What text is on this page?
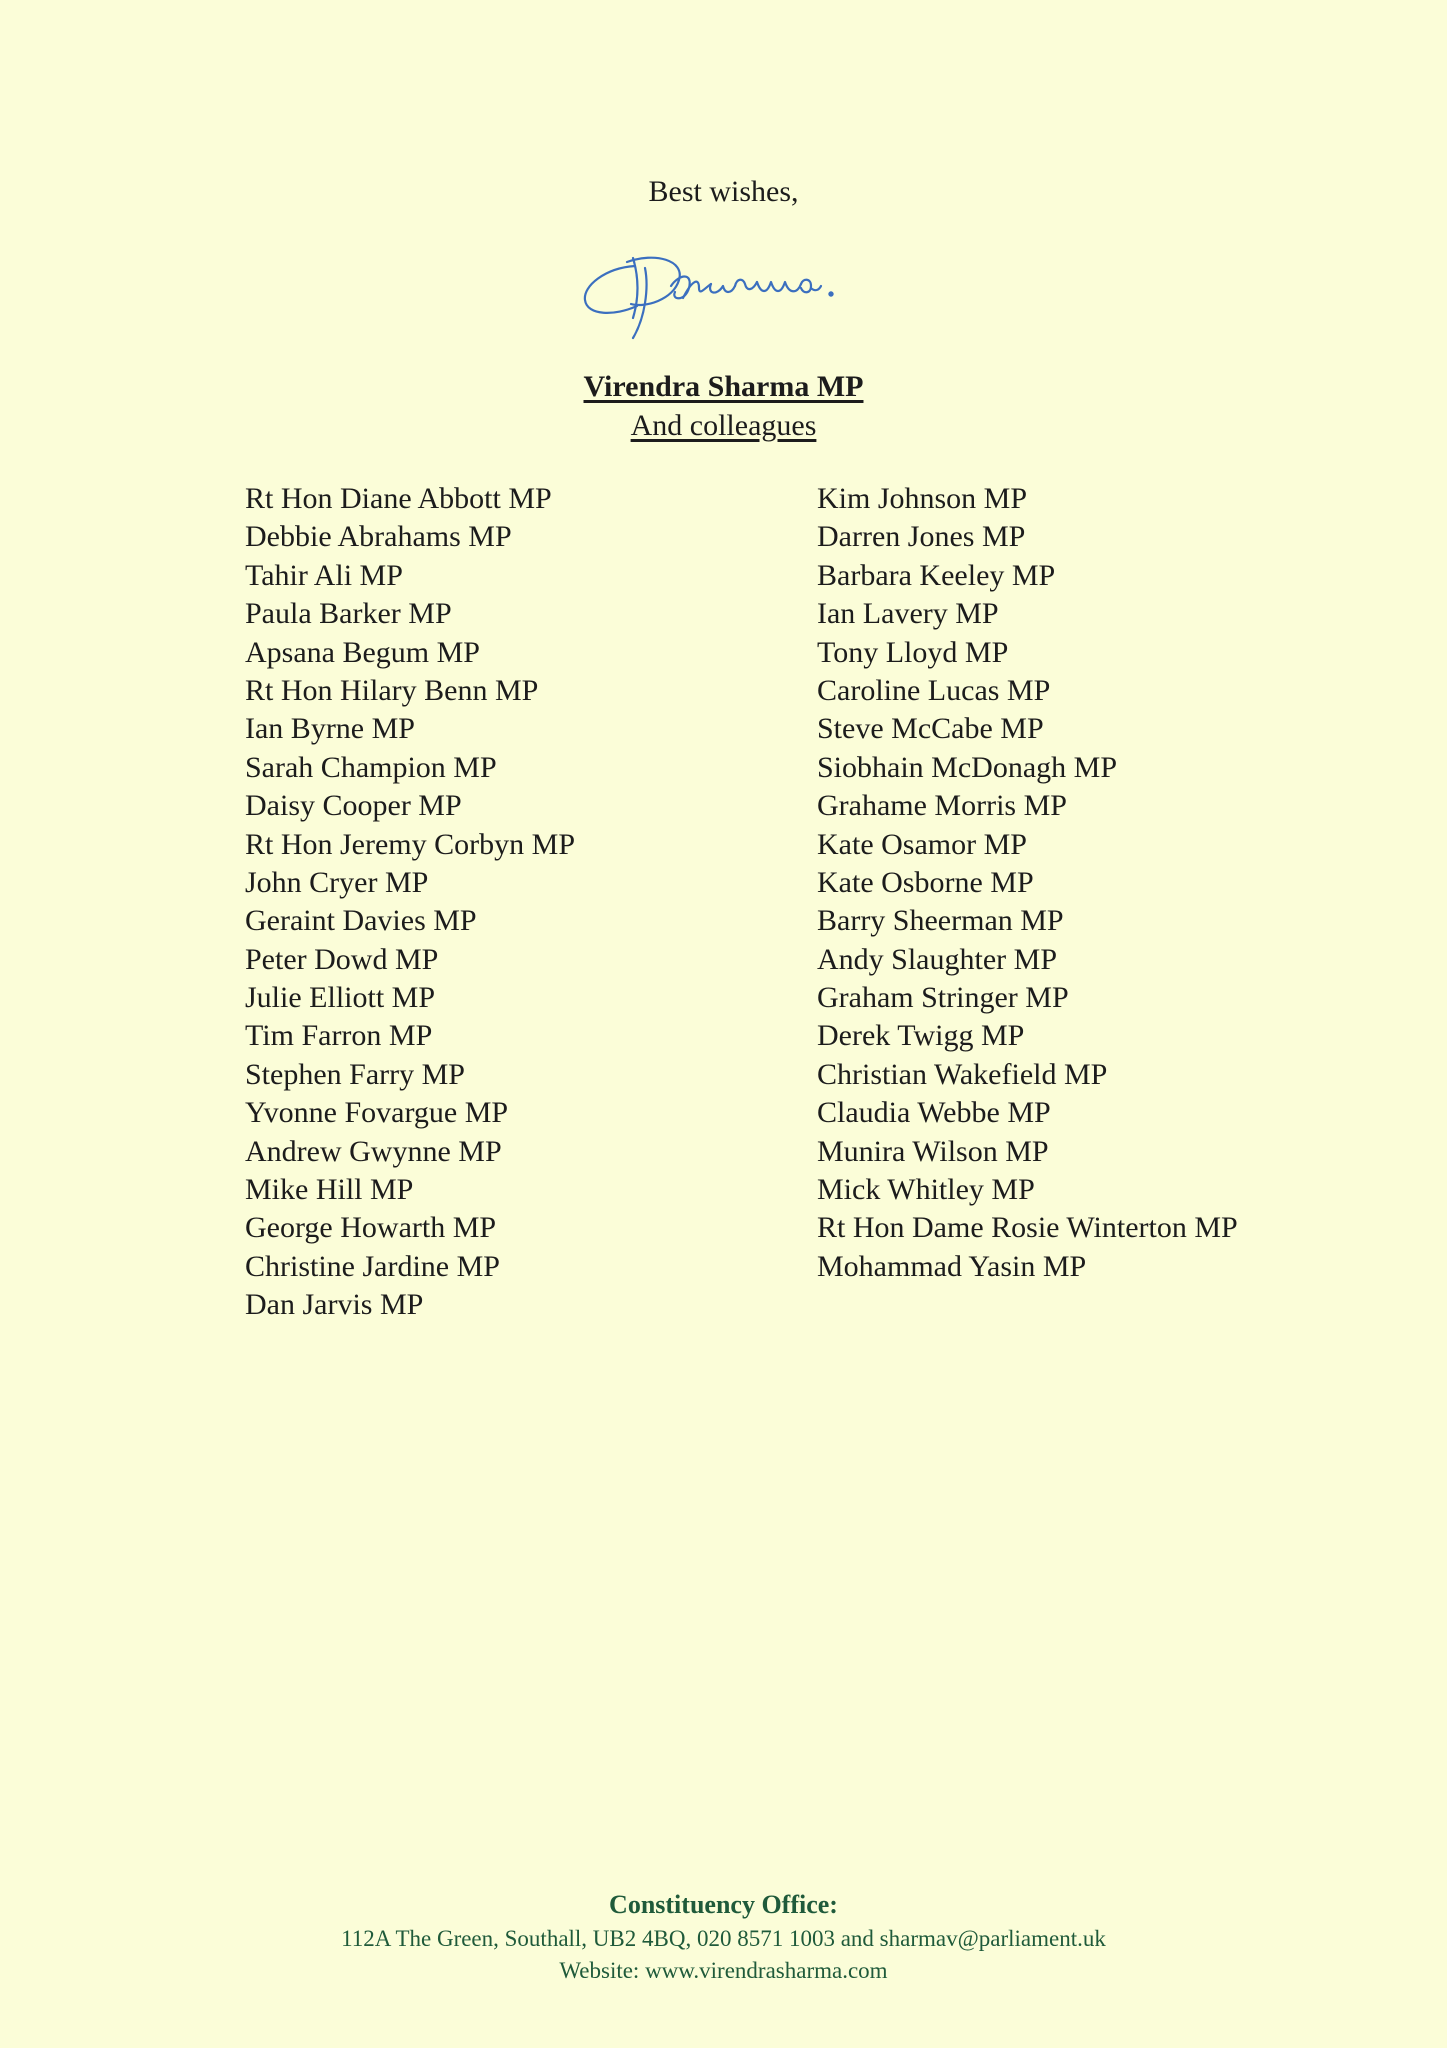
Best wishes,
Virendra Sharma MP
And colleagues
Rt Hon Diane Abbott MP
Debbie Abrahams MP
Tahir Ali MP
Paula Barker MP
Apsana Begum MP
Rt Hon Hilary Benn MP
Ian Byrne MP
Sarah Champion MP
Daisy Cooper MP
Rt Hon Jeremy Corbyn MP
John Cryer MP
Geraint Davies MP
Peter Dowd MP
Julie Elliott MP
Tim Farron MP
Stephen Farry MP
Yvonne Fovargue MP
Andrew Gwynne MP
Mike Hill MP
George Howarth MP
Christine Jardine MP
Dan Jarvis MP
Kim Johnson MP
Darren Jones MP
Barbara Keeley MP
Ian Lavery MP
Tony Lloyd MP
Caroline Lucas MP
Steve McCabe MP
Siobhain McDonagh MP
Grahame Morris MP
Kate Osamor MP
Kate Osborne MP
Barry Sheerman MP
Andy Slaughter MP
Graham Stringer MP
Derek Twigg MP
Christian Wakefield MP
Claudia Webbe MP
Munira Wilson MP
Mick Whitley MP
Rt Hon Dame Rosie Winterton MP
Mohammad Yasin MP
Constituency Office:
112A The Green, Southall, UB2 4BQ, 020 8571 1003 and sharmav@parliament.uk
Website: www.virendrasharma.com
